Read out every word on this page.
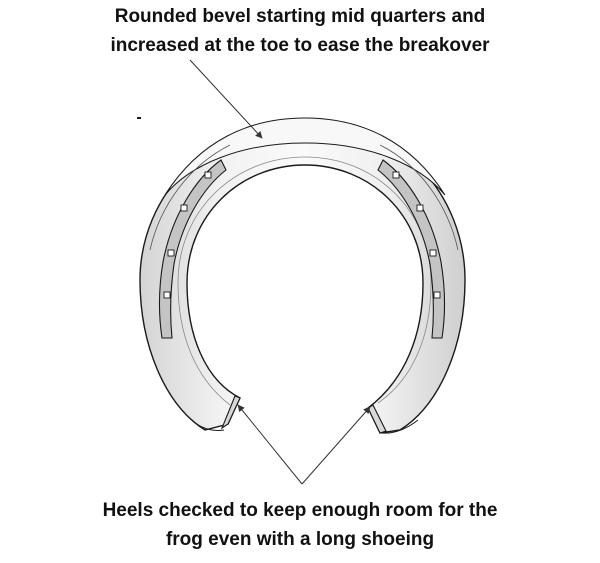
Rounded bevel starting mid quarters and
increased at the toe to ease the breakover

Heels checked to keep enough room for the
frog even with a long shoeing
